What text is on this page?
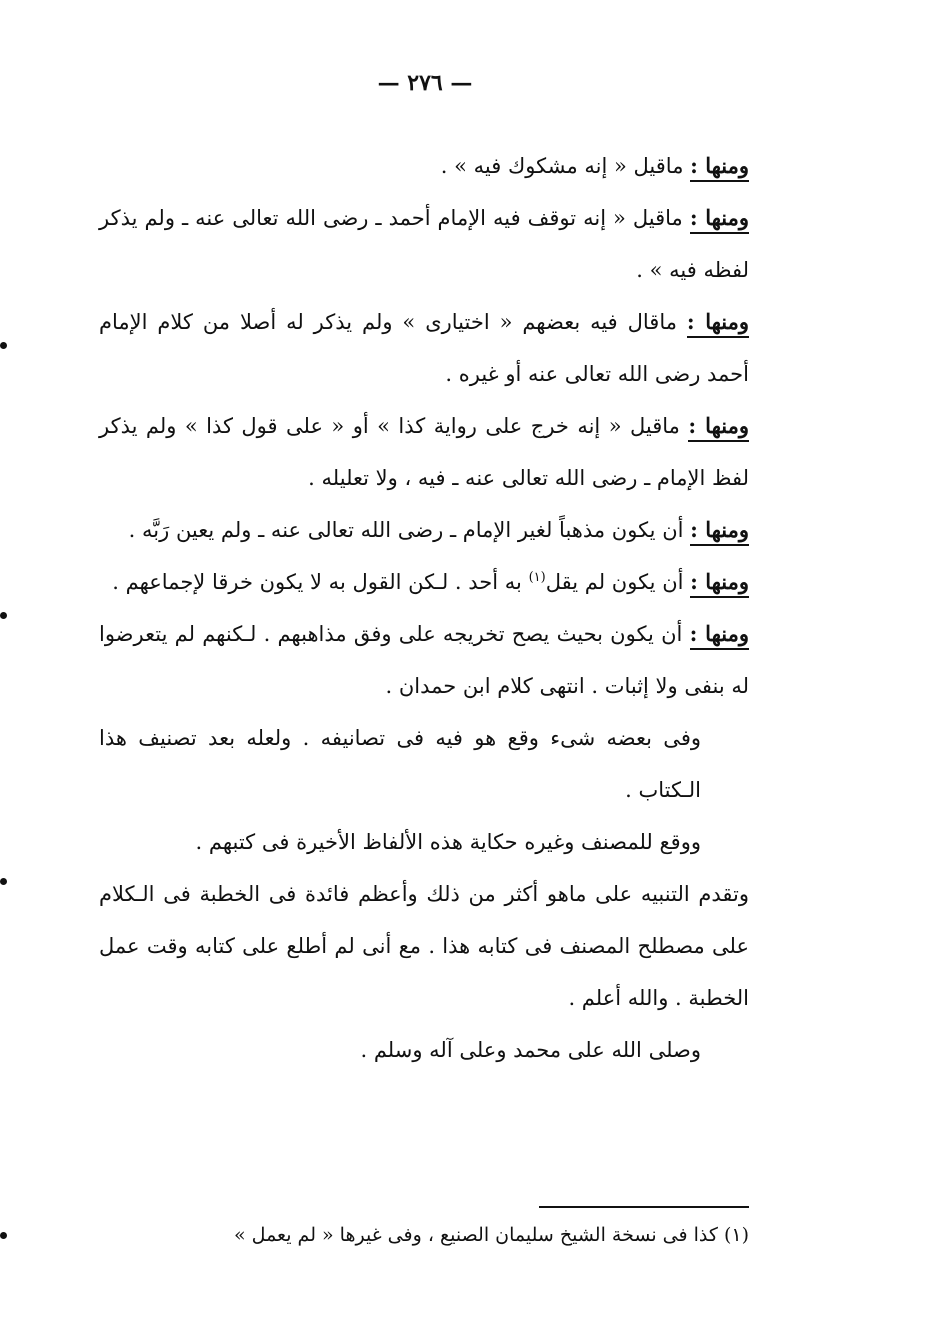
— ٢٧٦ —

ومنها : ماقيل « إنه مشكوك فيه » .

ومنها : ماقيل « إنه توقف فيه الإمام أحمد ـ رضى الله تعالى عنه ـ ولم يذكر لفظه فيه » .

ومنها : ماقال فيه بعضهم « اختيارى » ولم يذكر له أصلا من كلام الإمام أحمد رضى الله تعالى عنه أو غيره .

ومنها : ماقيل « إنه خرج على رواية كذا » أو « على قول كذا » ولم يذكر لفظ الإمام ـ رضى الله تعالى عنه ـ فيه ، ولا تعليله .

ومنها : أن يكون مذهباً لغير الإمام ـ رضى الله تعالى عنه ـ ولم يعين رَبَّه .

ومنها : أن يكون لم يقل$^{(١)}$ به أحد . لـكن القول به لا يكون خرقا لإجماعهم .

ومنها : أن يكون بحيث يصح تخريجه على وفق مذاهبهم . لـكنهم لم يتعرضوا له بنفى ولا إثبات . انتهى كلام ابن حمدان .

وفى بعضه شىء وقع هو فيه فى تصانيفه . ولعله بعد تصنيف هذا الـكتاب .

ووقع للمصنف وغيره حكاية هذه الألفاظ الأخيرة فى كتبهم .

وتقدم التنبيه على ماهو أكثر من ذلك وأعظم فائدة فى الخطبة فى الـكلام على مصطلح المصنف فى كتابه هذا . مع أنى لم أطلع على كتابه وقت عمل الخطبة . والله أعلم .

وصلى الله على محمد وعلى آله وسلم .

(١) كذا فى نسخة الشيخ سليمان الصنيع ، وفى غيرها « لم يعمل »
